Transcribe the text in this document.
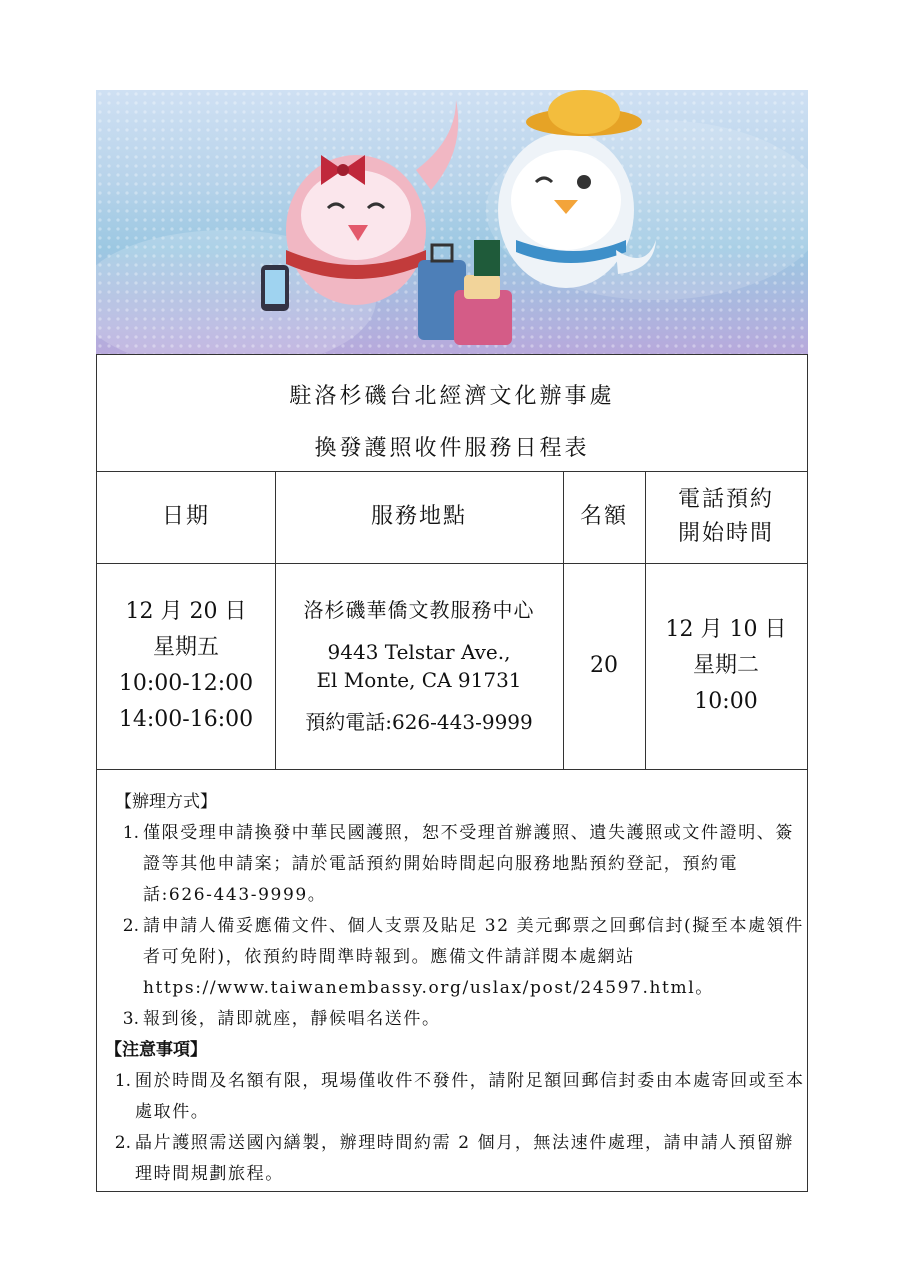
駐洛杉磯台北經濟文化辦事處
換發護照收件服務日程表
日期	服務地點	名額
電話預約
開始時間
12 月 20 日
星期五
10:00-12:00
14:00-16:00
洛杉磯華僑文教服務中心
9443 Telstar Ave.,
El Monte, CA 91731
預約電話:626-443-9999
20
12 月 10 日
星期二
10:00
【辦理方式】
1. 僅限受理申請換發中華民國護照，恕不受理首辦護照、遺失護照或文件證明、簽證等其他申請案；請於電話預約開始時間起向服務地點預約登記，預約電話:626-443-9999。
2. 請申請人備妥應備文件、個人支票及貼足 32 美元郵票之回郵信封(擬至本處領件者可免附)，依預約時間準時報到。應備文件請詳閱本處網站 https://www.taiwanembassy.org/uslax/post/24597.html。
3. 報到後，請即就座，靜候唱名送件。
【注意事項】
1. 囿於時間及名額有限，現場僅收件不發件，請附足額回郵信封委由本處寄回或至本處取件。
2. 晶片護照需送國內繕製，辦理時間約需 2 個月，無法速件處理，請申請人預留辦理時間規劃旅程。
